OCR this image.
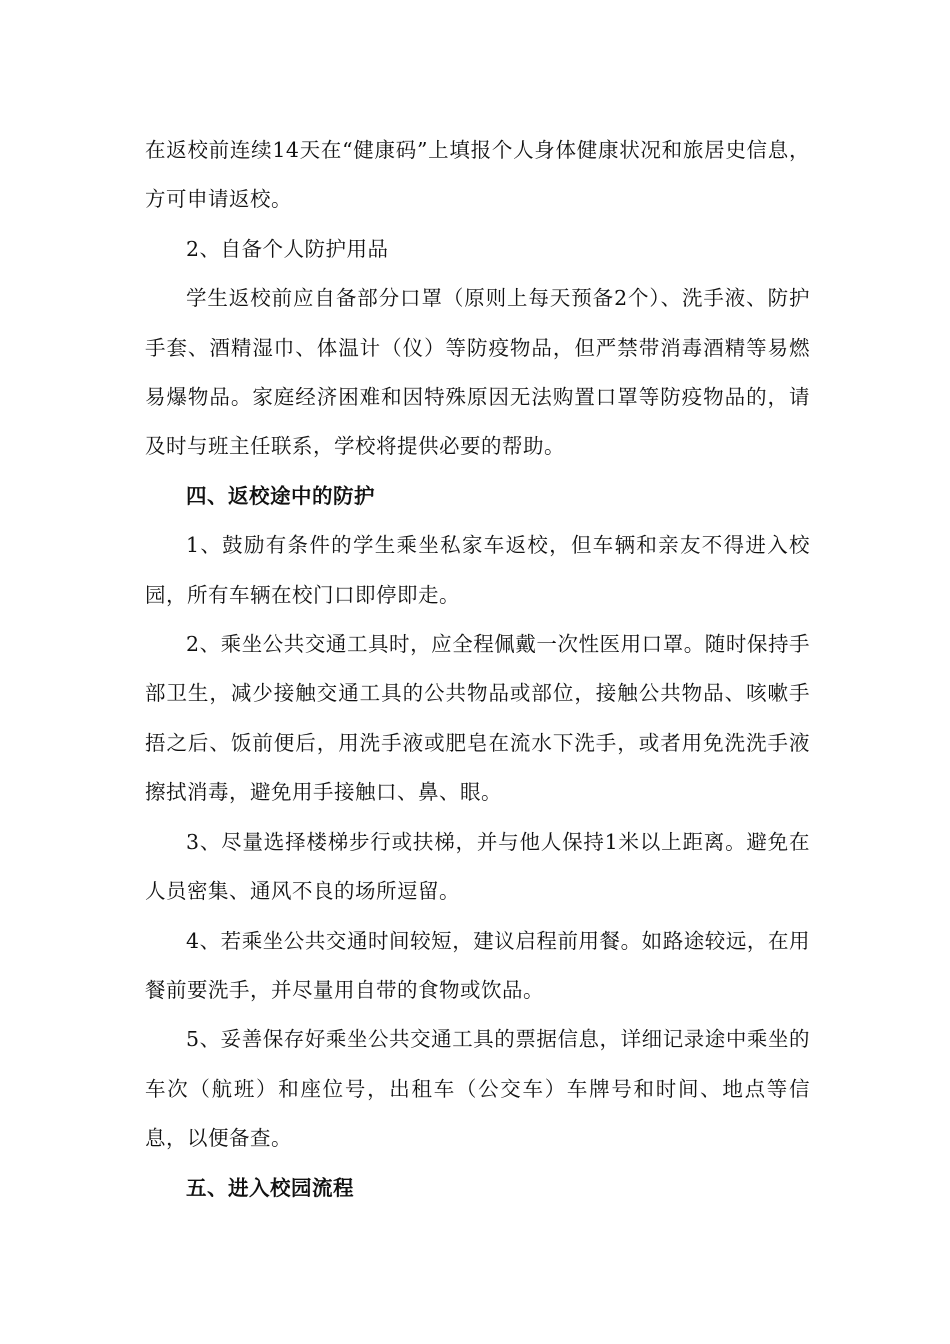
在返校前连续14天在“健康码”上填报个人身体健康状况和旅居史信息，方可申请返校。

2、自备个人防护用品

学生返校前应自备部分口罩（原则上每天预备2个）、洗手液、防护手套、酒精湿巾、体温计（仪）等防疫物品，但严禁带消毒酒精等易燃易爆物品。家庭经济困难和因特殊原因无法购置口罩等防疫物品的，请及时与班主任联系，学校将提供必要的帮助。

四、返校途中的防护

1、鼓励有条件的学生乘坐私家车返校，但车辆和亲友不得进入校园，所有车辆在校门口即停即走。

2、乘坐公共交通工具时，应全程佩戴一次性医用口罩。随时保持手部卫生，减少接触交通工具的公共物品或部位，接触公共物品、咳嗽手捂之后、饭前便后，用洗手液或肥皂在流水下洗手，或者用免洗洗手液擦拭消毒，避免用手接触口、鼻、眼。

3、尽量选择楼梯步行或扶梯，并与他人保持1米以上距离。避免在人员密集、通风不良的场所逗留。

4、若乘坐公共交通时间较短，建议启程前用餐。如路途较远，在用餐前要洗手，并尽量用自带的食物或饮品。

5、妥善保存好乘坐公共交通工具的票据信息，详细记录途中乘坐的车次（航班）和座位号，出租车（公交车）车牌号和时间、地点等信息，以便备查。

五、进入校园流程
